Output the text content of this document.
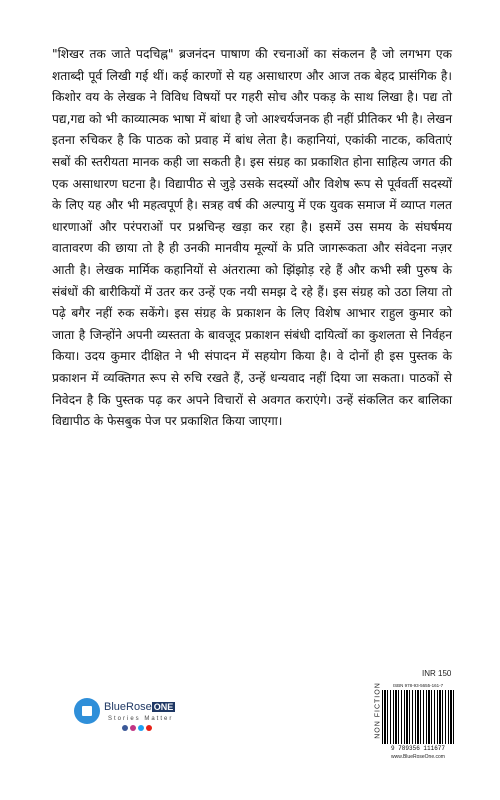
"शिखर तक जाते पदचिह्न" ब्रजनंदन पाषाण की रचनाओं का संकलन है जो लगभग एक शताब्दी पूर्व लिखी गई थीं। कई कारणों से यह असाधारण और आज तक बेहद प्रासंगिक है। किशोर वय के लेखक ने विविध विषयों पर गहरी सोच और पकड़ के साथ लिखा है। पद्य तो पद्य,गद्य को भी काव्यात्मक भाषा में बांधा है जो आश्चर्यजनक ही नहीं प्रीतिकर भी है। लेखन इतना रुचिकर है कि पाठक को प्रवाह में बांध लेता है। कहानियां, एकांकी नाटक, कविताएं सबों की स्तरीयता मानक कही जा सकती है। इस संग्रह का प्रकाशित होना साहित्य जगत की एक असाधारण घटना है। विद्यापीठ से जुड़े उसके सदस्यों और विशेष रूप से पूर्ववर्ती सदस्यों के लिए यह और भी महत्वपूर्ण है। सत्रह वर्ष की अल्पायु में एक युवक समाज में व्याप्त गलत धारणाओं और परंपराओं पर प्रश्नचिन्ह खड़ा कर रहा है। इसमें उस समय के संघर्षमय वातावरण की छाया तो है ही उनकी मानवीय मूल्यों के प्रति जागरूकता और संवेदना नज़र आती है। लेखक मार्मिक कहानियों से अंतरात्मा को झिंझोड़ रहे हैं और कभी स्त्री पुरुष के संबंधों की बारीकियों में उतर कर उन्हें एक नयी समझ दे रहे हैं। इस संग्रह को उठा लिया तो पढ़े बगैर नहीं रुक सकेंगे। इस संग्रह के प्रकाशन के लिए विशेष आभार राहुल कुमार को जाता है जिन्होंने अपनी व्यस्तता के बावजूद प्रकाशन संबंधी दायित्वों का कुशलता से निर्वहन किया। उदय कुमार दीक्षित ने भी संपादन में सहयोग किया है। वे दोनों ही इस पुस्तक के प्रकाशन में व्यक्तिगत रूप से रुचि रखते हैं, उन्हें धन्यवाद नहीं दिया जा सकता। पाठकों से निवेदन है कि पुस्तक पढ़ कर अपने विचारों से अवगत कराएंगे। उन्हें संकलित कर बालिका विद्यापीठ के फेसबुक पेज पर प्रकाशित किया जाएगा।

BlueRose ONE
Stories Matter
INR 150
NON FICTION	ISBN 978-93-5655-161-7
9 789356 111677
www.BlueRoseOne.com
